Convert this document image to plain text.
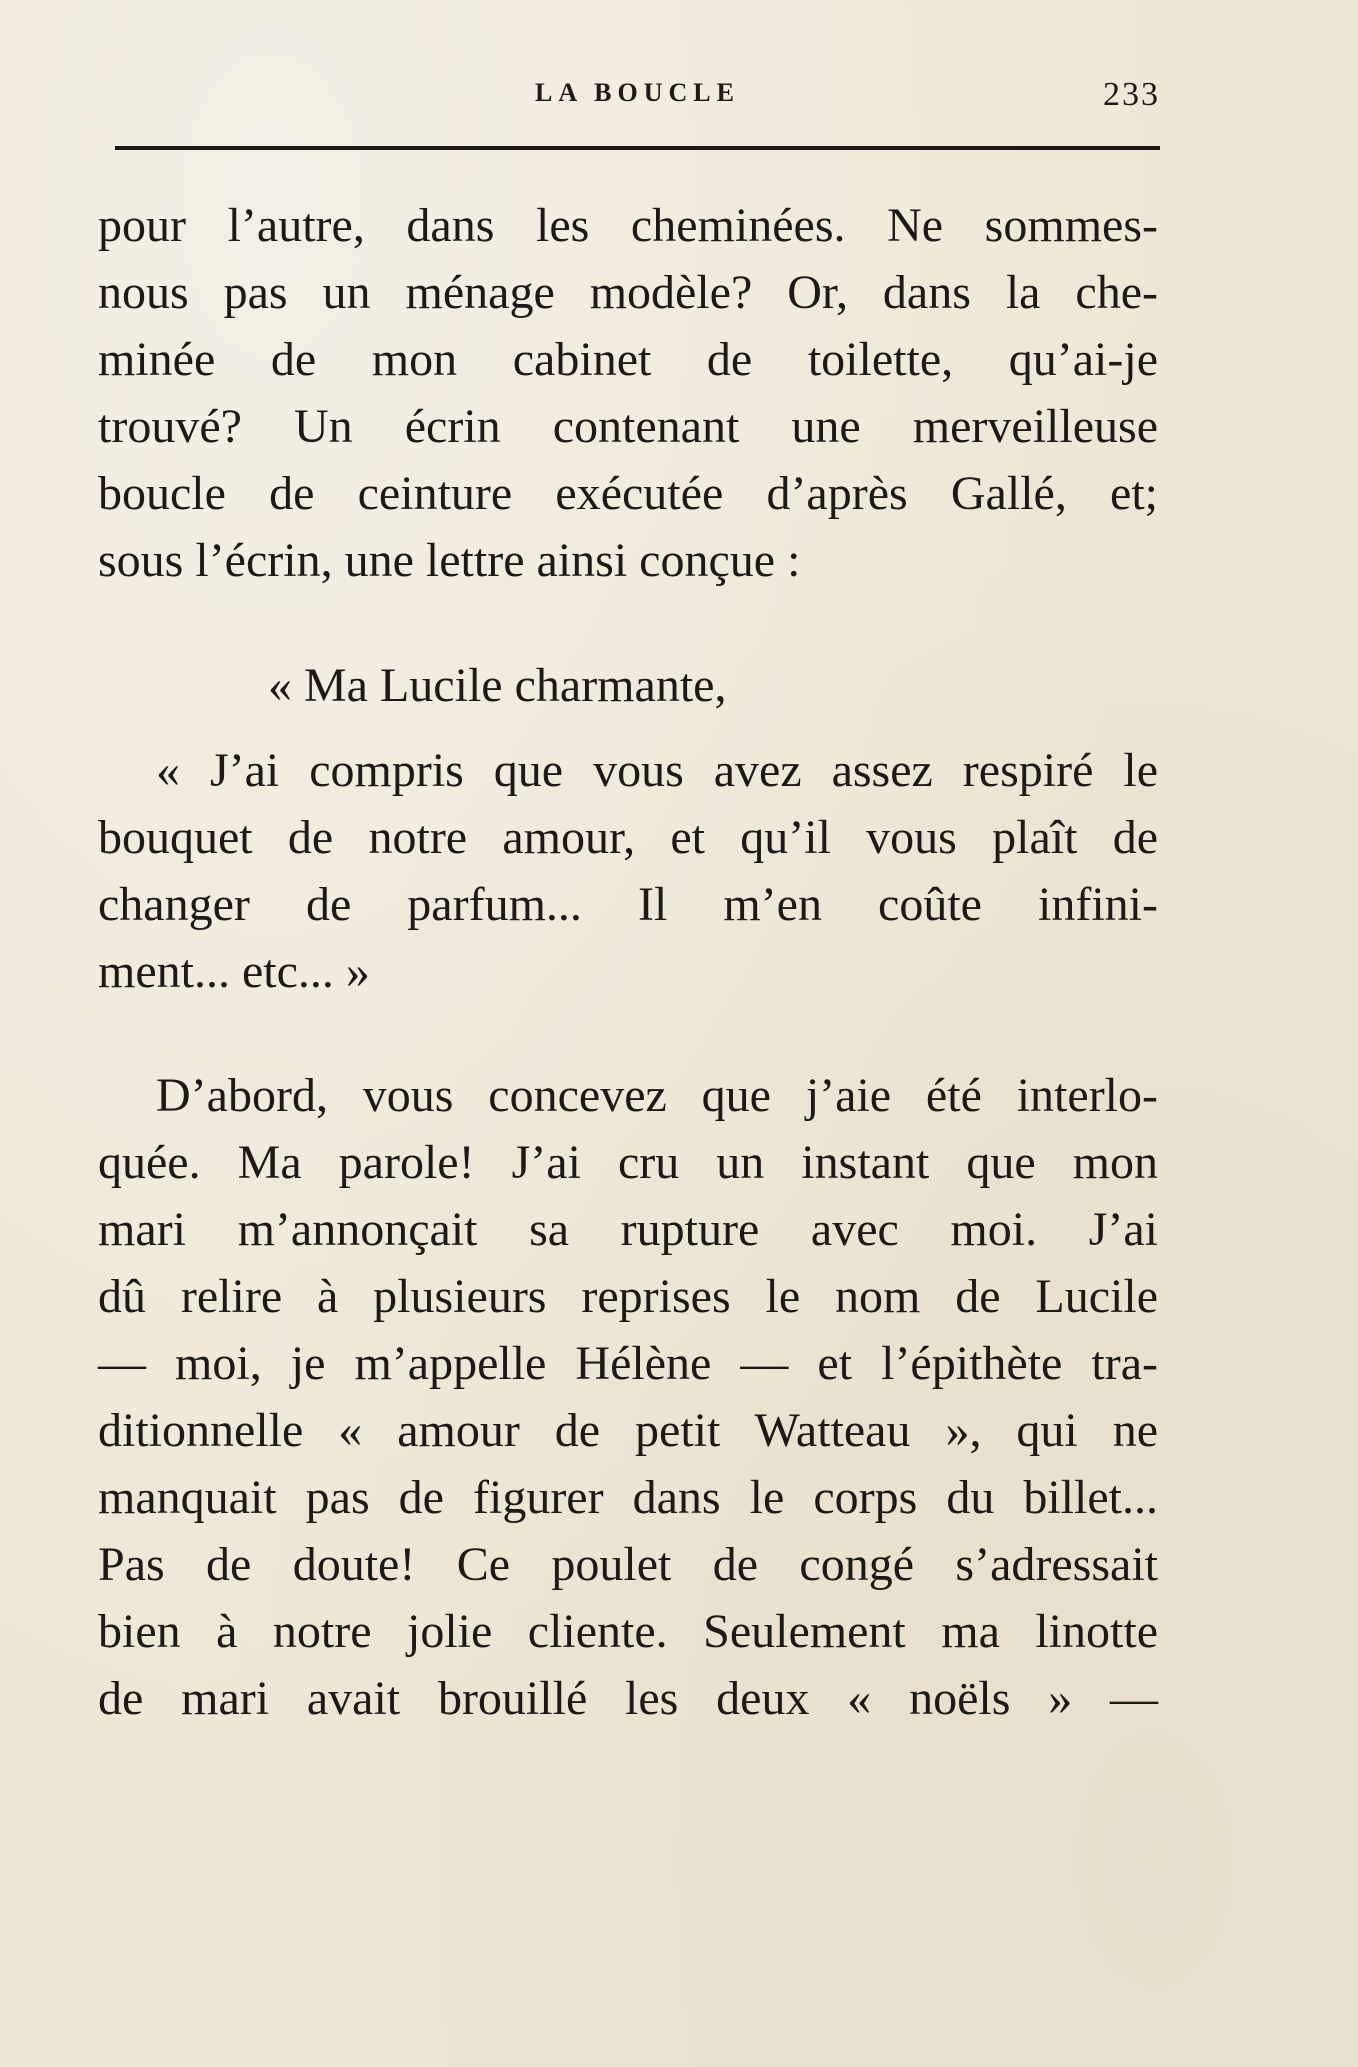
LA BOUCLE	233
pour l’autre, dans les cheminées. Ne sommes-
nous pas un ménage modèle? Or, dans la che-
minée de mon cabinet de toilette, qu’ai-je
trouvé? Un écrin contenant une merveilleuse
boucle de ceinture exécutée d’après Gallé, et;
sous l’écrin, une lettre ainsi conçue :
« Ma Lucile charmante,
« J’ai compris que vous avez assez respiré le
bouquet de notre amour, et qu’il vous plaît de
changer de parfum... Il m’en coûte infini-
ment... etc... »
D’abord, vous concevez que j’aie été interlo-
quée. Ma parole! J’ai cru un instant que mon
mari m’annonçait sa rupture avec moi. J’ai
dû relire à plusieurs reprises le nom de Lucile
— moi, je m’appelle Hélène — et l’épithète tra-
ditionnelle « amour de petit Watteau », qui ne
manquait pas de figurer dans le corps du billet...
Pas de doute! Ce poulet de congé s’adressait
bien à notre jolie cliente. Seulement ma linotte
de mari avait brouillé les deux « noëls » —
